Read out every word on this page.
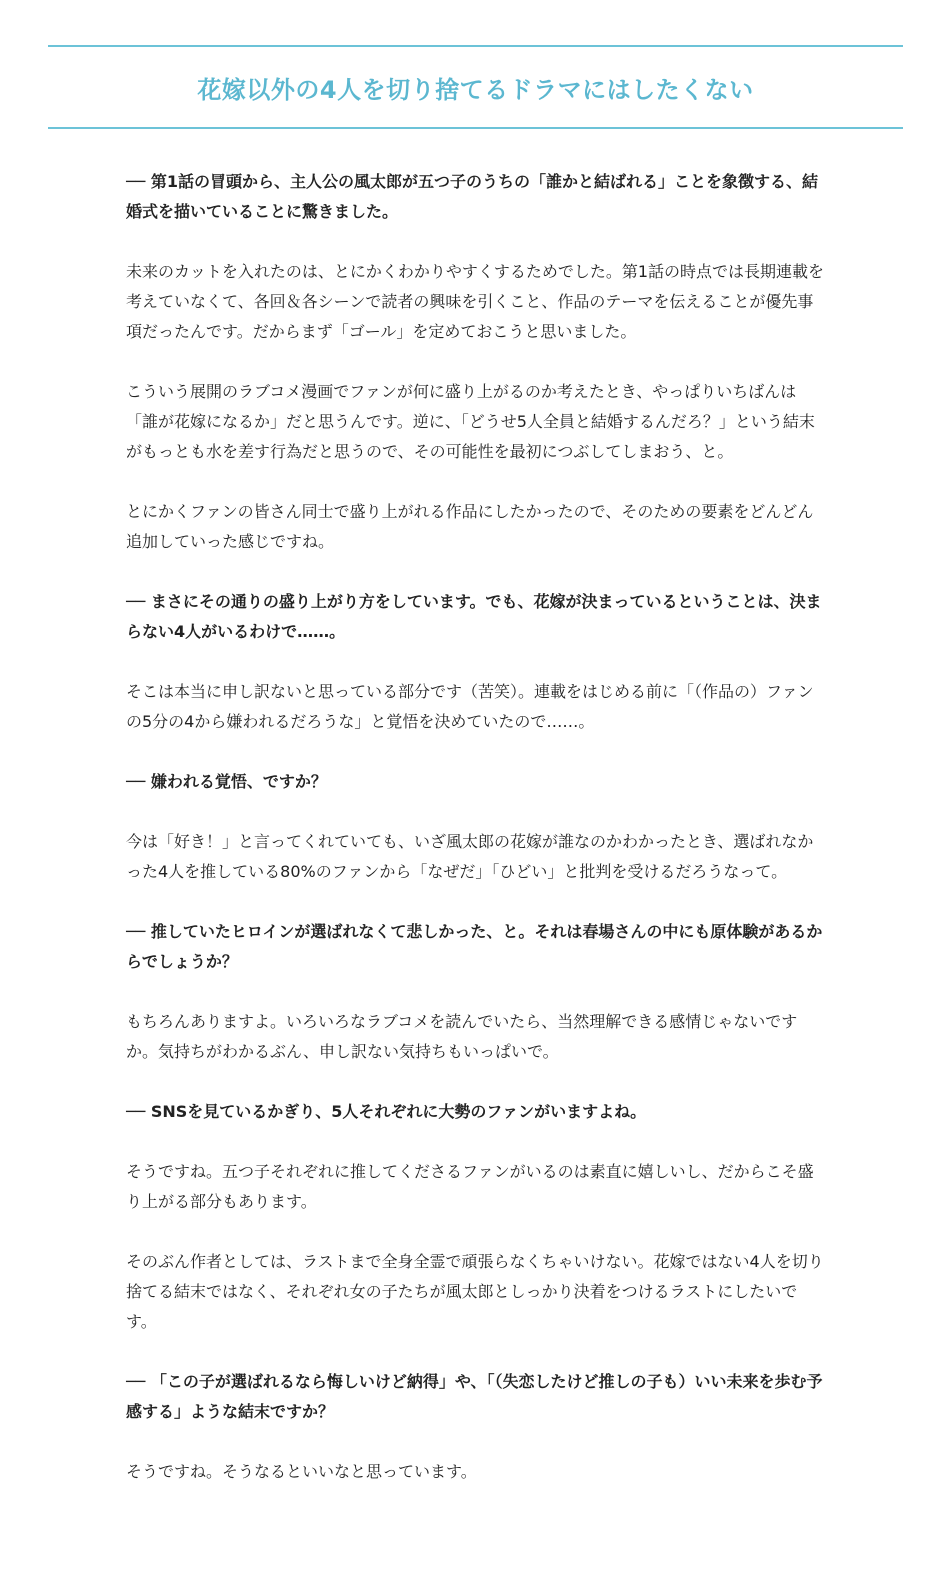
花嫁以外の4人を切り捨てるドラマにはしたくない

── 第1話の冒頭から、主人公の風太郎が五つ子のうちの「誰かと結ばれる」ことを象徴する、結婚式を描いていることに驚きました。

未来のカットを入れたのは、とにかくわかりやすくするためでした。第1話の時点では長期連載を考えていなくて、各回＆各シーンで読者の興味を引くこと、作品のテーマを伝えることが優先事項だったんです。だからまず「ゴール」を定めておこうと思いました。

こういう展開のラブコメ漫画でファンが何に盛り上がるのか考えたとき、やっぱりいちばんは「誰が花嫁になるか」だと思うんです。逆に、「どうせ5人全員と結婚するんだろ？」という結末がもっとも水を差す行為だと思うので、その可能性を最初につぶしてしまおう、と。

とにかくファンの皆さん同士で盛り上がれる作品にしたかったので、そのための要素をどんどん追加していった感じですね。

── まさにその通りの盛り上がり方をしています。でも、花嫁が決まっているということは、決まらない4人がいるわけで……。

そこは本当に申し訳ないと思っている部分です（苦笑）。連載をはじめる前に「（作品の）ファンの5分の4から嫌われるだろうな」と覚悟を決めていたので……。

── 嫌われる覚悟、ですか？

今は「好き！」と言ってくれていても、いざ風太郎の花嫁が誰なのかわかったとき、選ばれなかった4人を推している80%のファンから「なぜだ」「ひどい」と批判を受けるだろうなって。

── 推していたヒロインが選ばれなくて悲しかった、と。それは春場さんの中にも原体験があるからでしょうか？

もちろんありますよ。いろいろなラブコメを読んでいたら、当然理解できる感情じゃないですか。気持ちがわかるぶん、申し訳ない気持ちもいっぱいで。

── SNSを見ているかぎり、5人それぞれに大勢のファンがいますよね。

そうですね。五つ子それぞれに推してくださるファンがいるのは素直に嬉しいし、だからこそ盛り上がる部分もあります。

そのぶん作者としては、ラストまで全身全霊で頑張らなくちゃいけない。花嫁ではない4人を切り捨てる結末ではなく、それぞれ女の子たちが風太郎としっかり決着をつけるラストにしたいです。

── 「この子が選ばれるなら悔しいけど納得」や、「（失恋したけど推しの子も）いい未来を歩む予感する」ような結末ですか？

そうですね。そうなるといいなと思っています。
